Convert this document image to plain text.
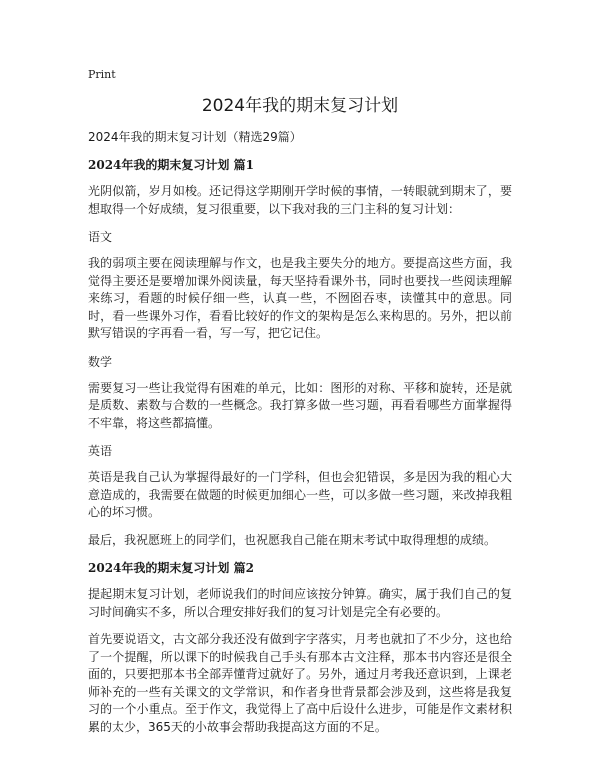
Print
2024年我的期末复习计划
2024年我的期末复习计划（精选29篇）
2024年我的期末复习计划 篇1

光阴似箭，岁月如梭。还记得这学期刚开学时候的事情，一转眼就到期末了，要想取得一个好成绩，复习很重要，以下我对我的三门主科的复习计划：

语文

我的弱项主要在阅读理解与作文，也是我主要失分的地方。要提高这些方面，我觉得主要还是要增加课外阅读量，每天坚持看课外书，同时也要找一些阅读理解来练习，看题的时候仔细一些，认真一些，不囫囵吞枣，读懂其中的意思。同时，看一些课外习作，看看比较好的作文的架构是怎么来构思的。另外，把以前默写错误的字再看一看，写一写，把它记住。

数学

需要复习一些让我觉得有困难的单元，比如：图形的对称、平移和旋转，还是就是质数、素数与合数的一些概念。我打算多做一些习题，再看看哪些方面掌握得不牢靠，将这些都搞懂。

英语

英语是我自己认为掌握得最好的一门学科，但也会犯错误，多是因为我的粗心大意造成的，我需要在做题的时候更加细心一些，可以多做一些习题，来改掉我粗心的坏习惯。

最后，我祝愿班上的同学们，也祝愿我自己能在期末考试中取得理想的成绩。

2024年我的期末复习计划 篇2

提起期末复习计划，老师说我们的时间应该按分钟算。确实，属于我们自己的复习时间确实不多，所以合理安排好我们的复习计划是完全有必要的。

首先要说语文，古文部分我还没有做到字字落实，月考也就扣了不少分，这也给了一个提醒，所以课下的时候我自己手头有那本古文注释，那本书内容还是很全面的，只要把那本书全部弄懂背过就好了。另外，通过月考我还意识到，上课老师补充的一些有关课文的文学常识，和作者身世背景都会涉及到，这些将是我复习的一个小重点。至于作文，我觉得上了高中后设什么进步，可能是作文素材积累的太少，365天的小故事会帮助我提高这方面的不足。
